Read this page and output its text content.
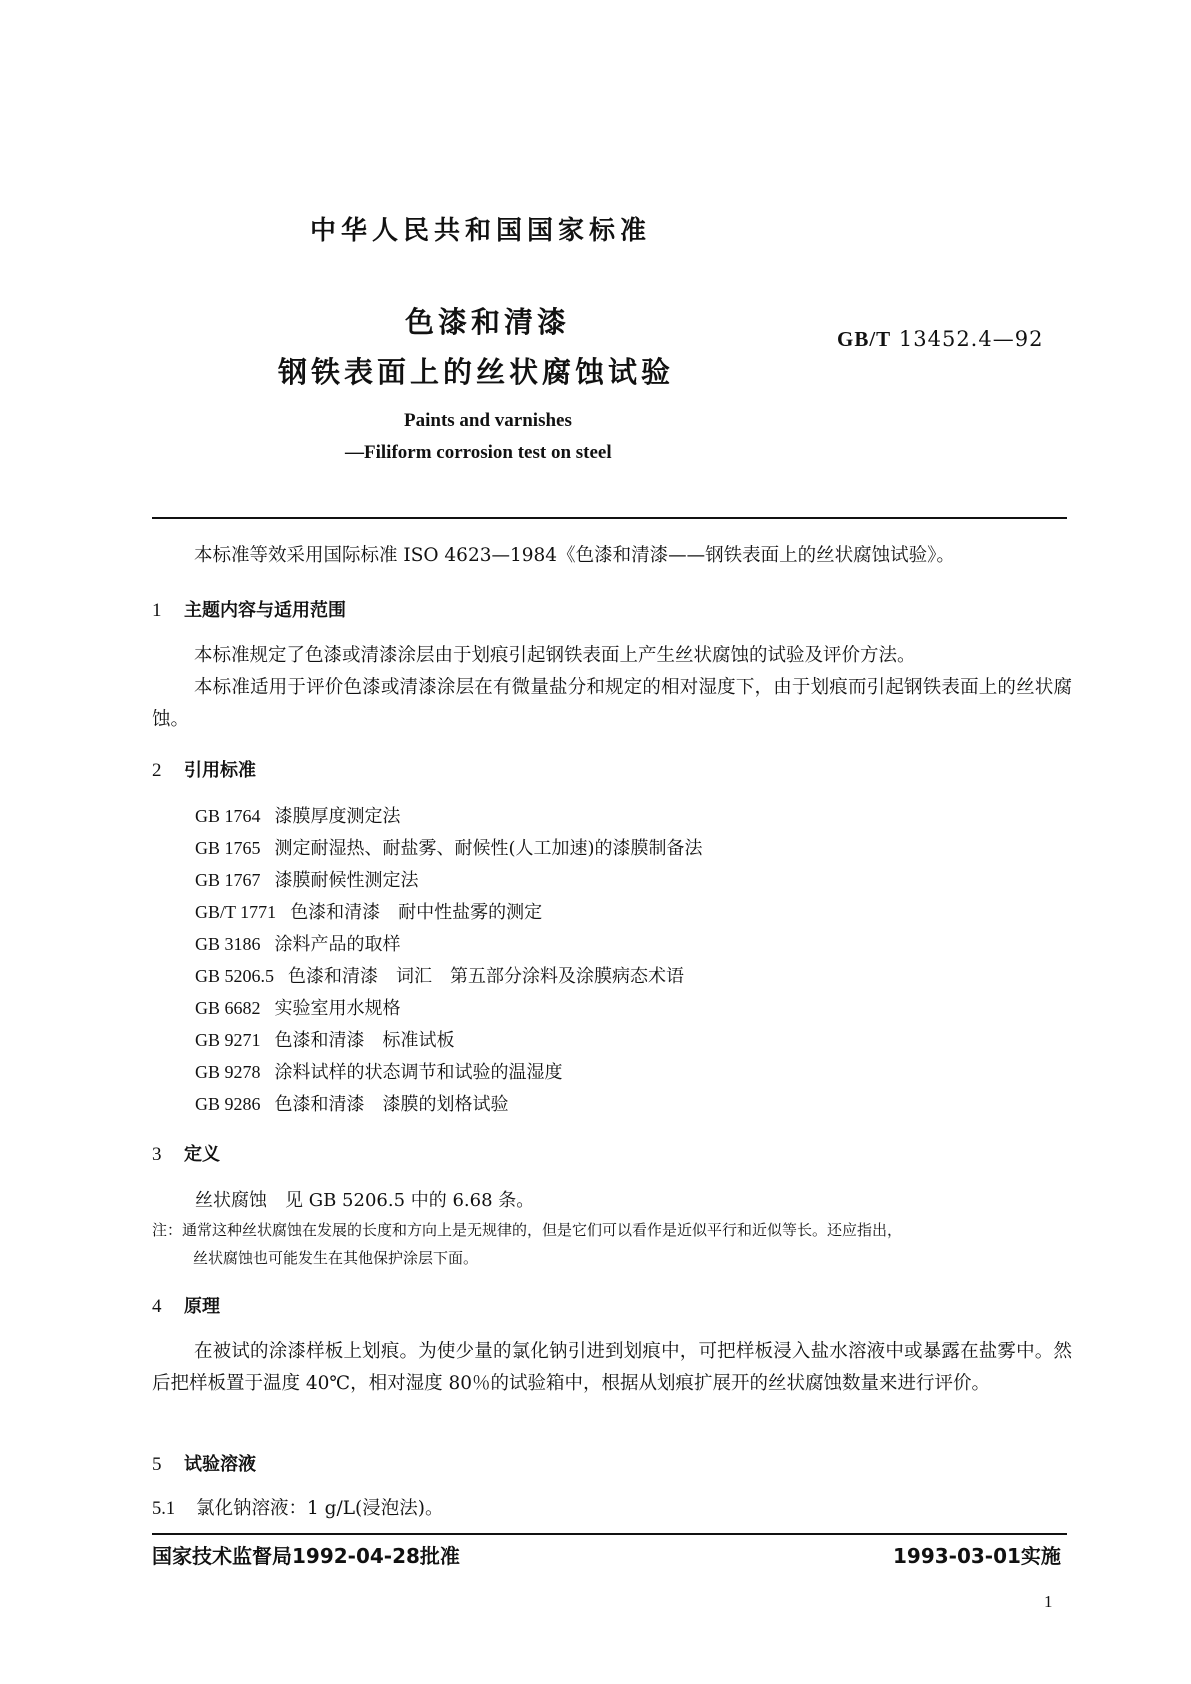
中华人民共和国国家标准
色漆和清漆
钢铁表面上的丝状腐蚀试验
GB/T 13452.4—92
Paints and varnishes
—Filiform corrosion test on steel
本标准等效采用国际标准 ISO 4623—1984《色漆和清漆——钢铁表面上的丝状腐蚀试验》。
1 主题内容与适用范围
本标准规定了色漆或清漆涂层由于划痕引起钢铁表面上产生丝状腐蚀的试验及评价方法。
本标准适用于评价色漆或清漆涂层在有微量盐分和规定的相对湿度下，由于划痕而引起钢铁表面上的丝状腐蚀。
2 引用标准
GB 1764 漆膜厚度测定法
GB 1765 测定耐湿热、耐盐雾、耐候性(人工加速)的漆膜制备法
GB 1767 漆膜耐候性测定法
GB/T 1771 色漆和清漆　耐中性盐雾的测定
GB 3186 涂料产品的取样
GB 5206.5 色漆和清漆　词汇　第五部分涂料及涂膜病态术语
GB 6682 实验室用水规格
GB 9271 色漆和清漆　标准试板
GB 9278 涂料试样的状态调节和试验的温湿度
GB 9286 色漆和清漆　漆膜的划格试验
3 定义
丝状腐蚀　见 GB 5206.5 中的 6.68 条。
注：通常这种丝状腐蚀在发展的长度和方向上是无规律的，但是它们可以看作是近似平行和近似等长。还应指出，
丝状腐蚀也可能发生在其他保护涂层下面。
4 原理
在被试的涂漆样板上划痕。为使少量的氯化钠引进到划痕中，可把样板浸入盐水溶液中或暴露在盐雾中。然后把样板置于温度 40℃，相对湿度 80％的试验箱中，根据从划痕扩展开的丝状腐蚀数量来进行评价。
5 试验溶液
5.1 氯化钠溶液：1 g/L(浸泡法)。
国家技术监督局1992-04-28批准	1993-03-01实施
1
